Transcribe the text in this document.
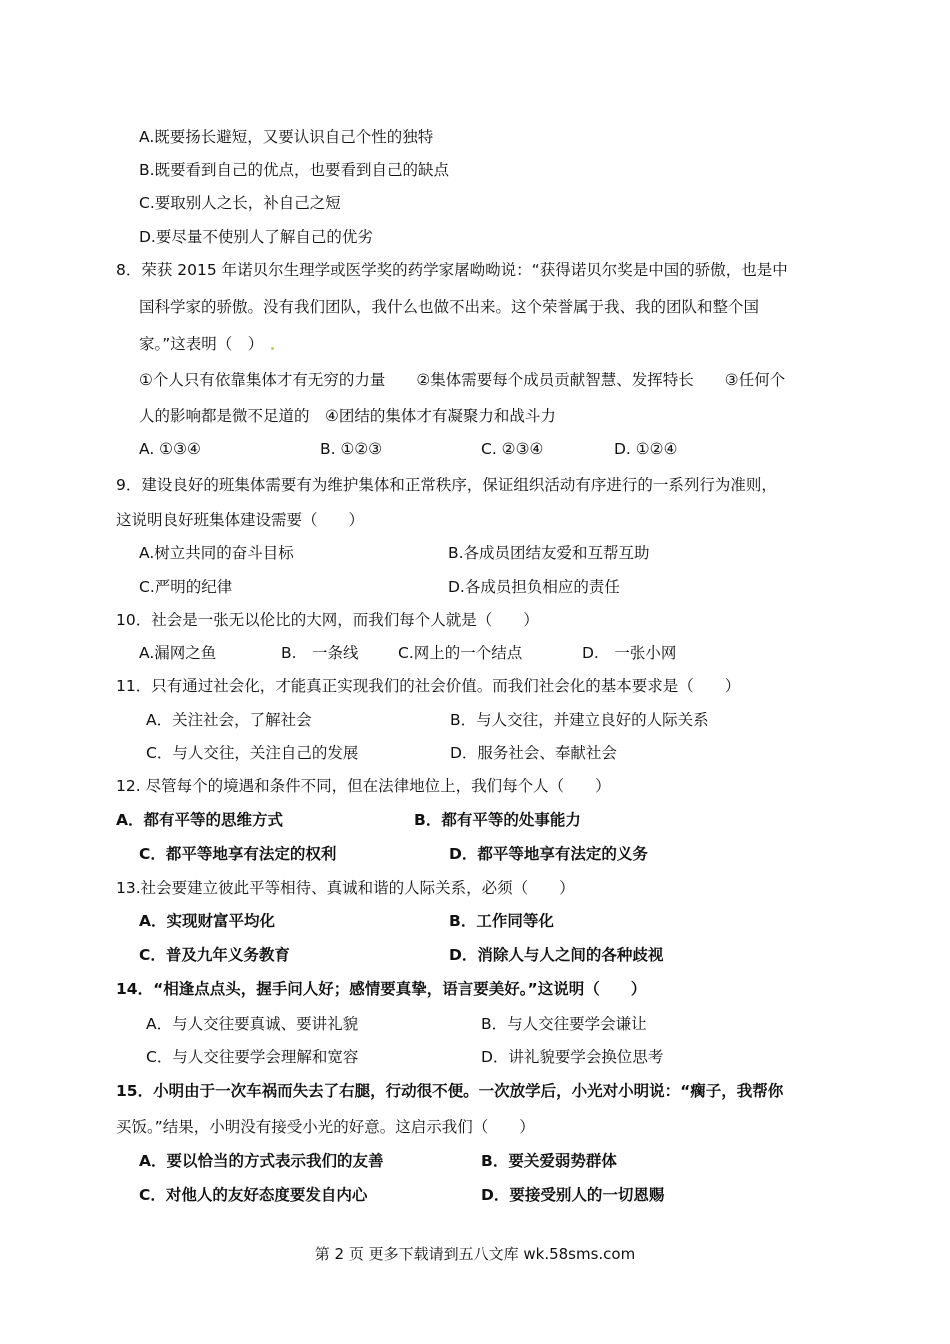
A.既要扬长避短，又要认识自己个性的独特
B.既要看到自己的优点，也要看到自己的缺点
C.要取别人之长，补自己之短
D.要尽量不使别人了解自己的优劣
8．荣获 2015 年诺贝尔生理学或医学奖的药学家屠呦呦说：“获得诺贝尔奖是中国的骄傲，也是中
国科学家的骄傲。没有我们团队，我什么也做不出来。这个荣誉属于我、我的团队和整个国
家。”这表明（　）
①个人只有依靠集体才有无穷的力量　　②集体需要每个成员贡献智慧、发挥特长　　③任何个
人的影响都是微不足道的　④团结的集体才有凝聚力和战斗力
A. ①③④	B. ①②③	C. ②③④	D. ①②④
9．建设良好的班集体需要有为维护集体和正常秩序，保证组织活动有序进行的一系列行为准则，
这说明良好班集体建设需要（　　）
A.树立共同的奋斗目标	B.各成员团结友爱和互帮互助
C.严明的纪律	D.各成员担负相应的责任
10．社会是一张无以伦比的大网，而我们每个人就是（　　）
A.漏网之鱼	B.　一条线	C.网上的一个结点	D.　一张小网
11．只有通过社会化，才能真正实现我们的社会价值。而我们社会化的基本要求是（　　）
A．关注社会，了解社会	B．与人交往，并建立良好的人际关系
C．与人交往，关注自己的发展	D．服务社会、奉献社会
12. 尽管每个的境遇和条件不同，但在法律地位上，我们每个人（　　）
A．都有平等的思维方式	B．都有平等的处事能力
C．都平等地享有法定的权利	D．都平等地享有法定的义务
13.社会要建立彼此平等相待、真诚和谐的人际关系，必须（　　）
A．实现财富平均化	B．工作同等化
C．普及九年义务教育	D．消除人与人之间的各种歧视
14．“相逢点点头，握手问人好；感情要真挚，语言要美好。”这说明（　　）
A．与人交往要真诚、要讲礼貌	B．与人交往要学会谦让
C．与人交往要学会理解和宽容	D．讲礼貌要学会换位思考
15．小明由于一次车祸而失去了右腿，行动很不便。一次放学后，小光对小明说：“瘸子，我帮你
买饭。”结果，小明没有接受小光的好意。这启示我们（　　）
A．要以恰当的方式表示我们的友善	B．要关爱弱势群体
C．对他人的友好态度要发自内心	D．要接受别人的一切恩赐
第 2 页 更多下载请到五八文库 wk.58sms.com
